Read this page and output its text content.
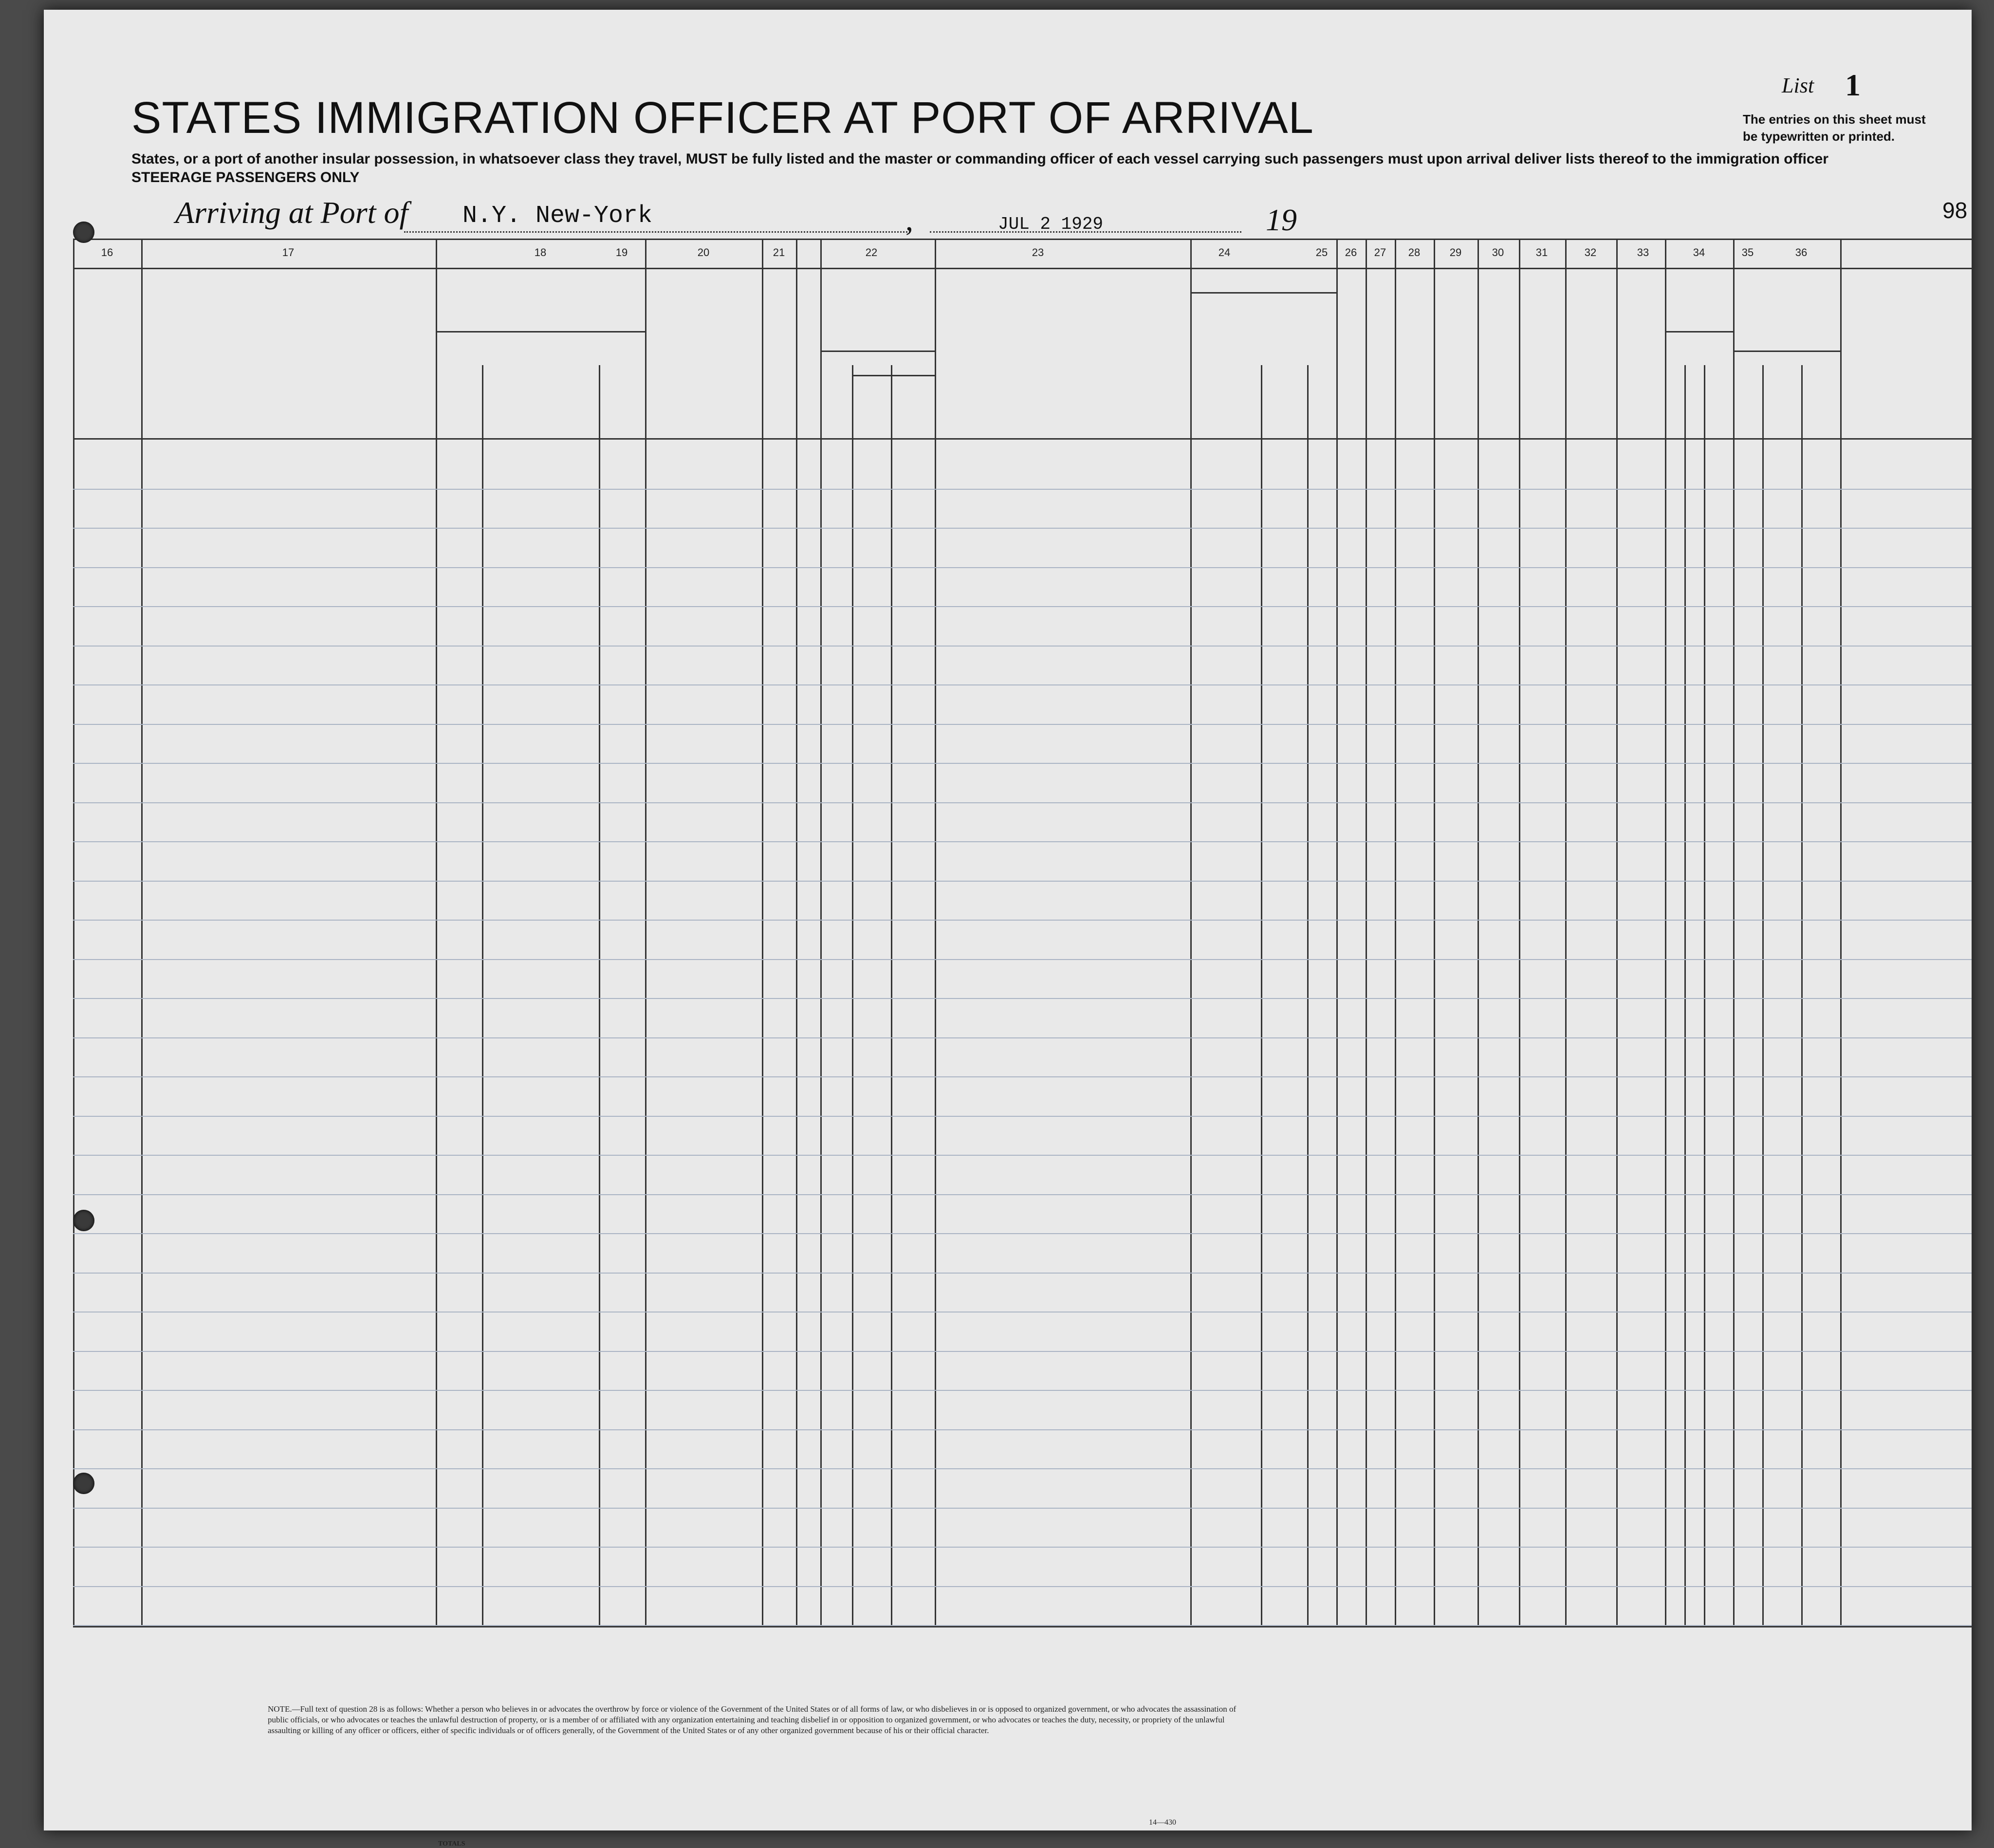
STATES IMMIGRATION OFFICER AT PORT OF ARRIVAL
States, or a port of another insular possession, in whatsoever class they travel, MUST be fully listed and the master or commanding officer of each vessel carrying such passengers must upon arrival deliver lists thereof to the immigration officer
STEERAGE PASSENGERS ONLY
List 1
The entries on this sheet must
be typewritten or printed.
98
Arriving at Port of N.Y. New-York	,	JUL 2 1929	19
16	17	18	19	20	21	22	23	24	25 26 27 28	29	30	31	32	33	34	35	36
NOTE.—Full text of question 28 is as follows: Whether a person who believes in or advocates the overthrow by force or violence of the Government of the United States or of all forms of law, or who disbelieves in or is opposed to organized government, or who advocates the assassination of public officials, or who advocates or teaches the unlawful destruction of property, or is a member of or affiliated with any organization entertaining and teaching disbelief in or opposition to organized government, or who advocates or teaches the duty, necessity, or propriety of the unlawful assaulting or killing of any officer or officers, either of specific individuals or of officers generally, of the Government of the United States or of any other organized government because of his or their official character.
14—430
TOTALS
